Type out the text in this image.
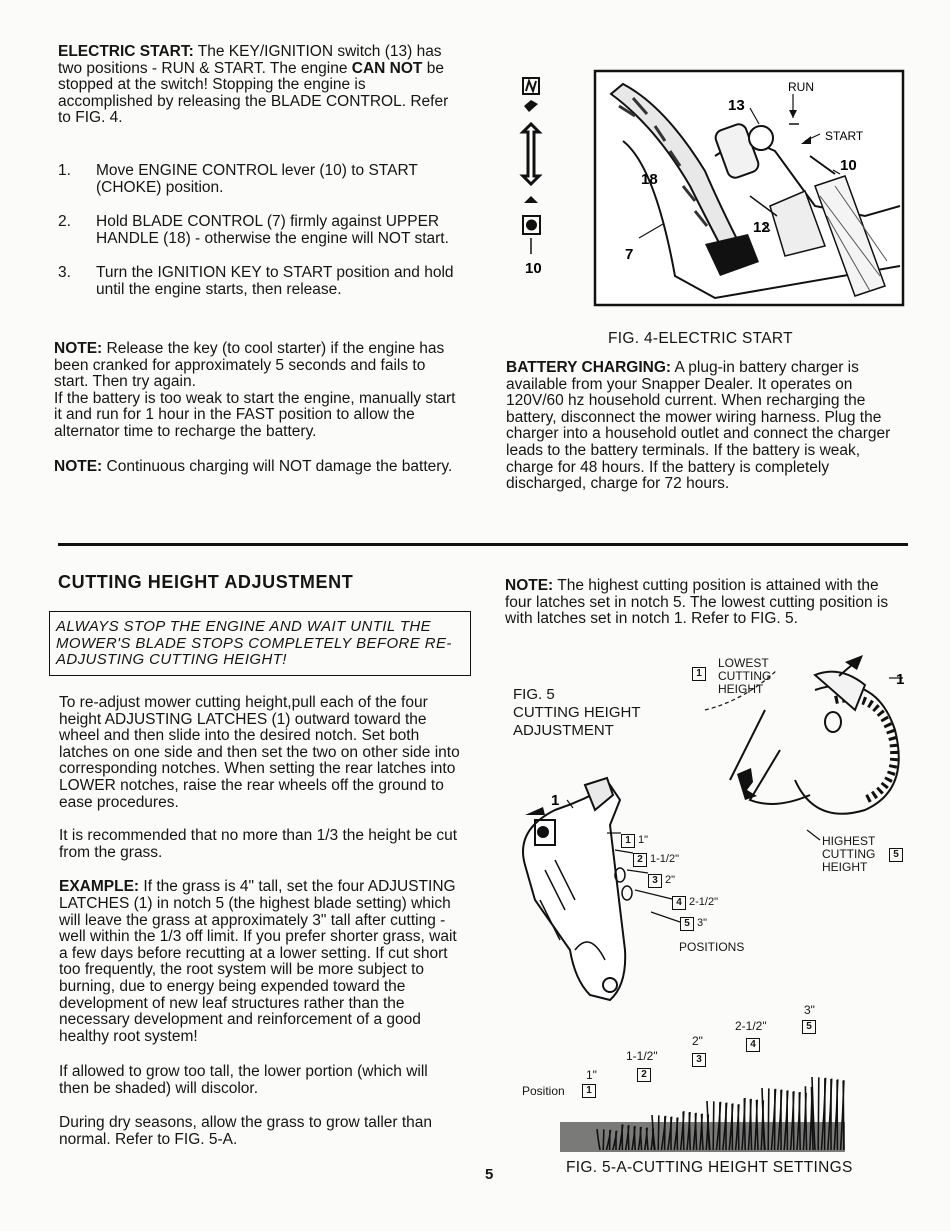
ELECTRIC START: The KEY/IGNITION switch (13) has two positions - RUN & START. The engine CAN NOT be stopped at the switch! Stopping the engine is accomplished by releasing the BLADE CONTROL. Refer to FIG. 4.

1. Move ENGINE CONTROL lever (10) to START (CHOKE) position.
2. Hold BLADE CONTROL (7) firmly against UPPER HANDLE (18) - otherwise the engine will NOT start.
3. Turn the IGNITION KEY to START position and hold until the engine starts, then release.

NOTE: Release the key (to cool starter) if the engine has been cranked for approximately 5 seconds and fails to start. Then try again.

If the battery is too weak to start the engine, manually start it and run for 1 hour in the FAST position to allow the alternator time to recharge the battery.

NOTE: Continuous charging will NOT damage the battery.

10
RUN
START
13
10
18
12
7
FIG. 4-ELECTRIC START

BATTERY CHARGING: A plug-in battery charger is available from your Snapper Dealer. It operates on 120V/60 hz household current. When recharging the battery, disconnect the mower wiring harness. Plug the charger into a household outlet and connect the charger leads to the battery terminals. If the battery is weak, charge for 48 hours. If the battery is completely discharged, charge for 72 hours.

CUTTING HEIGHT ADJUSTMENT
ALWAYS STOP THE ENGINE AND WAIT UNTIL THE MOWER'S BLADE STOPS COMPLETELY BEFORE RE-ADJUSTING CUTTING HEIGHT!

To re-adjust mower cutting height,pull each of the four height ADJUSTING LATCHES (1) outward toward the wheel and then slide into the desired notch. Set both latches on one side and then set the two on other side into corresponding notches. When setting the rear latches into LOWER notches, raise the rear wheels off the ground to ease procedures.

It is recommended that no more than 1/3 the height be cut from the grass.

EXAMPLE: If the grass is 4" tall, set the four ADJUSTING LATCHES (1) in notch 5 (the highest blade setting) which will leave the grass at approximately 3" tall after cutting -well within the 1/3 off limit. If you prefer shorter grass, wait a few days before recutting at a lower setting. If cut short too frequently, the root system will be more subject to burning, due to energy being expended toward the development of new leaf structures rather than the necessary development and reinforcement of a good healthy root system!

If allowed to grow too tall, the lower portion (which will then be shaded) will discolor.

During dry seasons, allow the grass to grow taller than normal. Refer to FIG. 5-A.

NOTE: The highest cutting position is attained with the four latches set in notch 5. The lowest cutting position is with latches set in notch 1. Refer to FIG. 5.

FIG. 5
CUTTING HEIGHT
ADJUSTMENT
1
LOWEST
CUTTING
HEIGHT
HIGHEST
CUTTING
HEIGHT
5
1
1
1 1"
2 1-1/2"
3 2"
4 2-1/2"
5 3"
POSITIONS
Position	1
1"	2
1-1/2"	3
2"	4
2-1/2"	5
3"
FIG. 5-A-CUTTING HEIGHT SETTINGS
5
